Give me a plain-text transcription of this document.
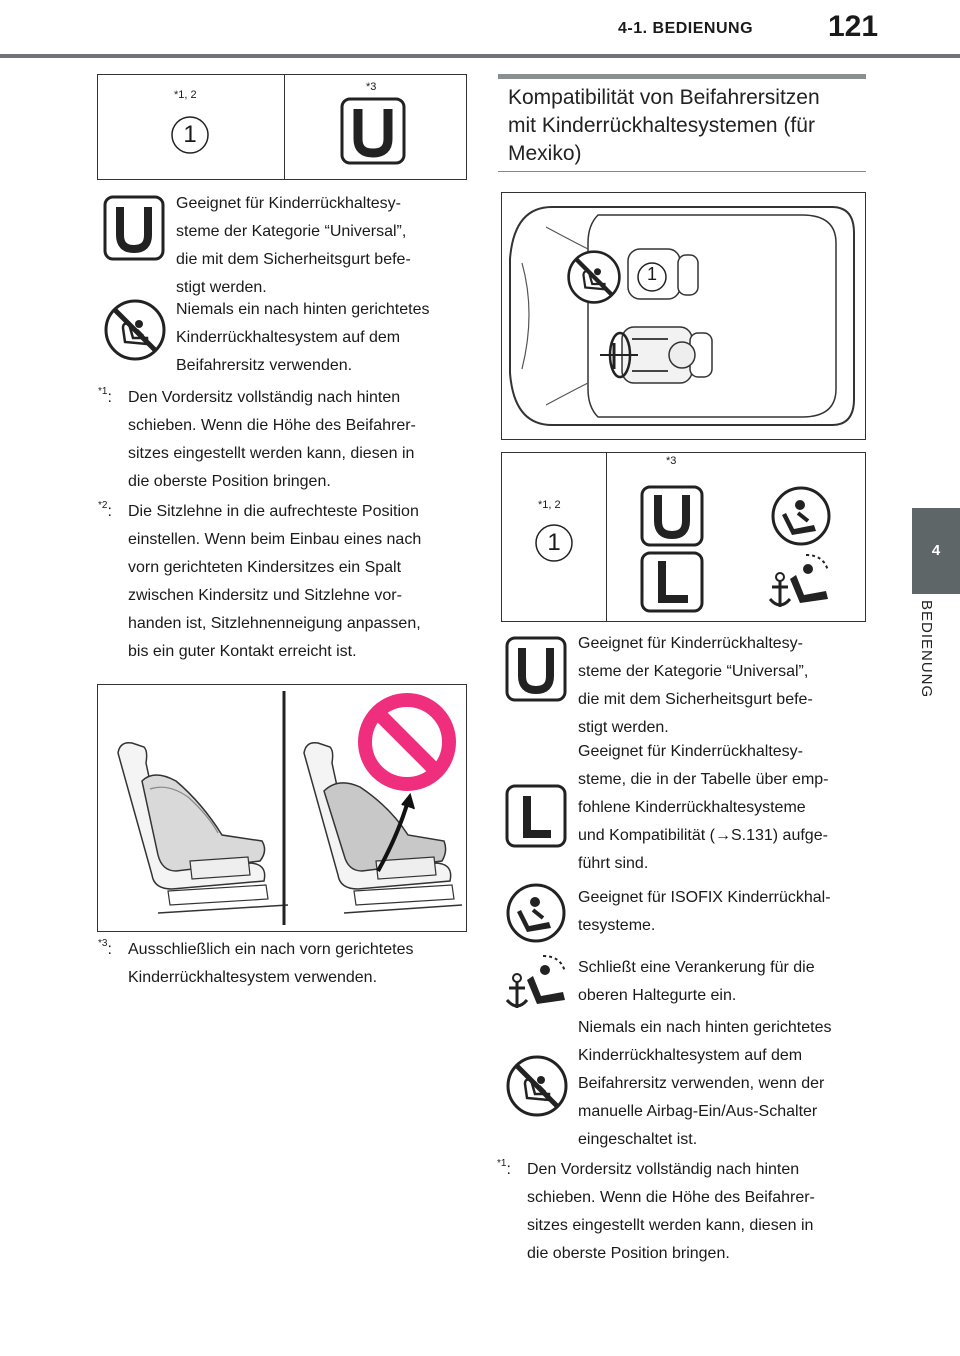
4-1. BEDIENUNG 121
4
BEDIENUNG
*1, 2
1
*3
Geeignet für Kinderrückhaltesy-
steme der Kategorie “Universal”,
die mit dem Sicherheitsgurt befe-
stigt werden.
Niemals ein nach hinten gerichtetes
Kinderrückhaltesystem auf dem
Beifahrersitz verwenden.
$^{*1}$: Den Vordersitz vollständig nach hinten
schieben. Wenn die Höhe des Beifahrer-
sitzes eingestellt werden kann, diesen in
die oberste Position bringen.
$^{*2}$: Die Sitzlehne in die aufrechteste Position
einstellen. Wenn beim Einbau eines nach
vorn gerichteten Kindersitzes ein Spalt
zwischen Kindersitz und Sitzlehne vor-
handen ist, Sitzlehnenneigung anpassen,
bis ein guter Kontakt erreicht ist.
$^{*3}$: Ausschließlich ein nach vorn gerichtetes
Kinderrückhaltesystem verwenden.
Kompatibilität von Beifahrersitzen
mit Kinderrückhaltesystemen (für
Mexiko)
1
*1, 2
1
*3
Geeignet für Kinderrückhaltesy-
steme der Kategorie “Universal”,
die mit dem Sicherheitsgurt befe-
stigt werden.
Geeignet für Kinderrückhaltesy-
steme, die in der Tabelle über emp-
fohlene Kinderrückhaltesysteme
und Kompatibilität (→S.131) aufge-
führt sind.
Geeignet für ISOFIX Kinderrückhal-
tesysteme.
Schließt eine Verankerung für die
oberen Haltegurte ein.
Niemals ein nach hinten gerichtetes
Kinderrückhaltesystem auf dem
Beifahrersitz verwenden, wenn der
manuelle Airbag-Ein/Aus-Schalter
eingeschaltet ist.
$^{*1}$: Den Vordersitz vollständig nach hinten
schieben. Wenn die Höhe des Beifahrer-
sitzes eingestellt werden kann, diesen in
die oberste Position bringen.
